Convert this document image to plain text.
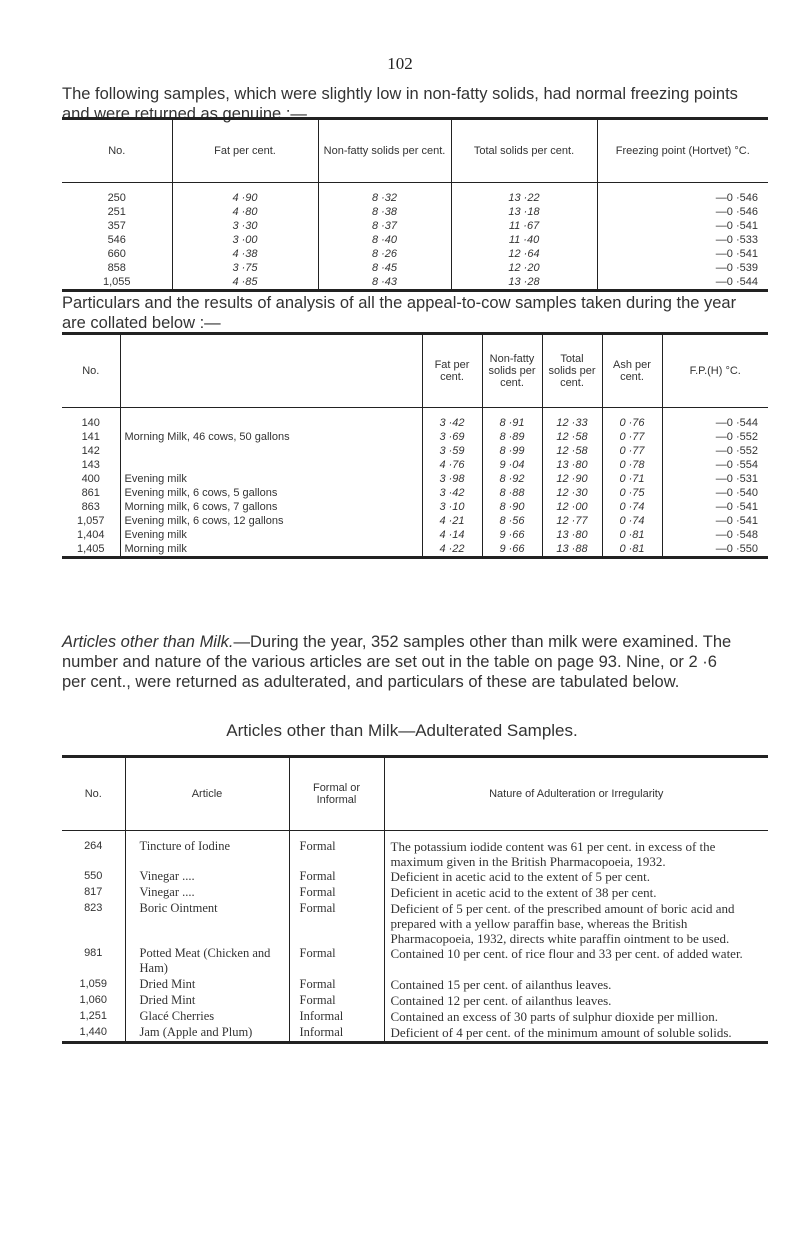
102

The following samples, which were slightly low in non-fatty solids, had normal freezing points and were returned as genuine :—

No.	Fat per cent.	Non-fatty solids per cent.	Total solids per cent.	Freezing point (Hortvet) °C.
250	4 ·90	8 ·32	13 ·22	—0 ·546
251	4 ·80	8 ·38	13 ·18	—0 ·546
357	3 ·30	8 ·37	11 ·67	—0 ·541
546	3 ·00	8 ·40	11 ·40	—0 ·533
660	4 ·38	8 ·26	12 ·64	—0 ·541
858	3 ·75	8 ·45	12 ·20	—0 ·539
1,055	4 ·85	8 ·43	13 ·28	—0 ·544

Particulars and the results of analysis of all the appeal-to-cow samples taken during the year are collated below :—

No.		Fat per cent.	Non-fatty solids per cent.	Total solids per cent.	Ash per cent.	F.P.(H) °C.
140		3 ·42	8 ·91	12 ·33	0 ·76	—0 ·544
141	Morning Milk, 46 cows, 50 gallons	3 ·69	8 ·89	12 ·58	0 ·77	—0 ·552
142		3 ·59	8 ·99	12 ·58	0 ·77	—0 ·552
143		4 ·76	9 ·04	13 ·80	0 ·78	—0 ·554
400	Evening milk	3 ·98	8 ·92	12 ·90	0 ·71	—0 ·531
861	Evening milk, 6 cows, 5 gallons	3 ·42	8 ·88	12 ·30	0 ·75	—0 ·540
863	Morning milk, 6 cows, 7 gallons	3 ·10	8 ·90	12 ·00	0 ·74	—0 ·541
1,057	Evening milk, 6 cows, 12 gallons	4 ·21	8 ·56	12 ·77	0 ·74	—0 ·541
1,404	Evening milk	4 ·14	9 ·66	13 ·80	0 ·81	—0 ·548
1,405	Morning milk	4 ·22	9 ·66	13 ·88	0 ·81	—0 ·550

Articles other than Milk.—During the year, 352 samples other than milk were examined. The number and nature of the various articles are set out in the table on page 93. Nine, or 2 ·6 per cent., were returned as adulterated, and particulars of these are tabulated below.

Articles other than Milk—Adulterated Samples.
No.	Article	Formal or Informal	Nature of Adulteration or Irregularity
264	Tincture of Iodine	Formal	The potassium iodide content was 61 per cent. in excess of the maximum given in the British Pharmacopoeia, 1932.
550	Vinegar ....	Formal	Deficient in acetic acid to the extent of 5 per cent.
817	Vinegar ....	Formal	Deficient in acetic acid to the extent of 38 per cent.
823	Boric Ointment	Formal	Deficient of 5 per cent. of the prescribed amount of boric acid and prepared with a yellow paraffin base, whereas the British Pharmacopoeia, 1932, directs white paraffin ointment to be used.
981	Potted Meat (Chicken and Ham)	Formal	Contained 10 per cent. of rice flour and 33 per cent. of added water.
1,059	Dried Mint	Formal	Contained 15 per cent. of ailanthus leaves.
1,060	Dried Mint	Formal	Contained 12 per cent. of ailanthus leaves.
1,251	Glacé Cherries	Informal	Contained an excess of 30 parts of sulphur dioxide per million.
1,440	Jam (Apple and Plum)	Informal	Deficient of 4 per cent. of the minimum amount of soluble solids.
